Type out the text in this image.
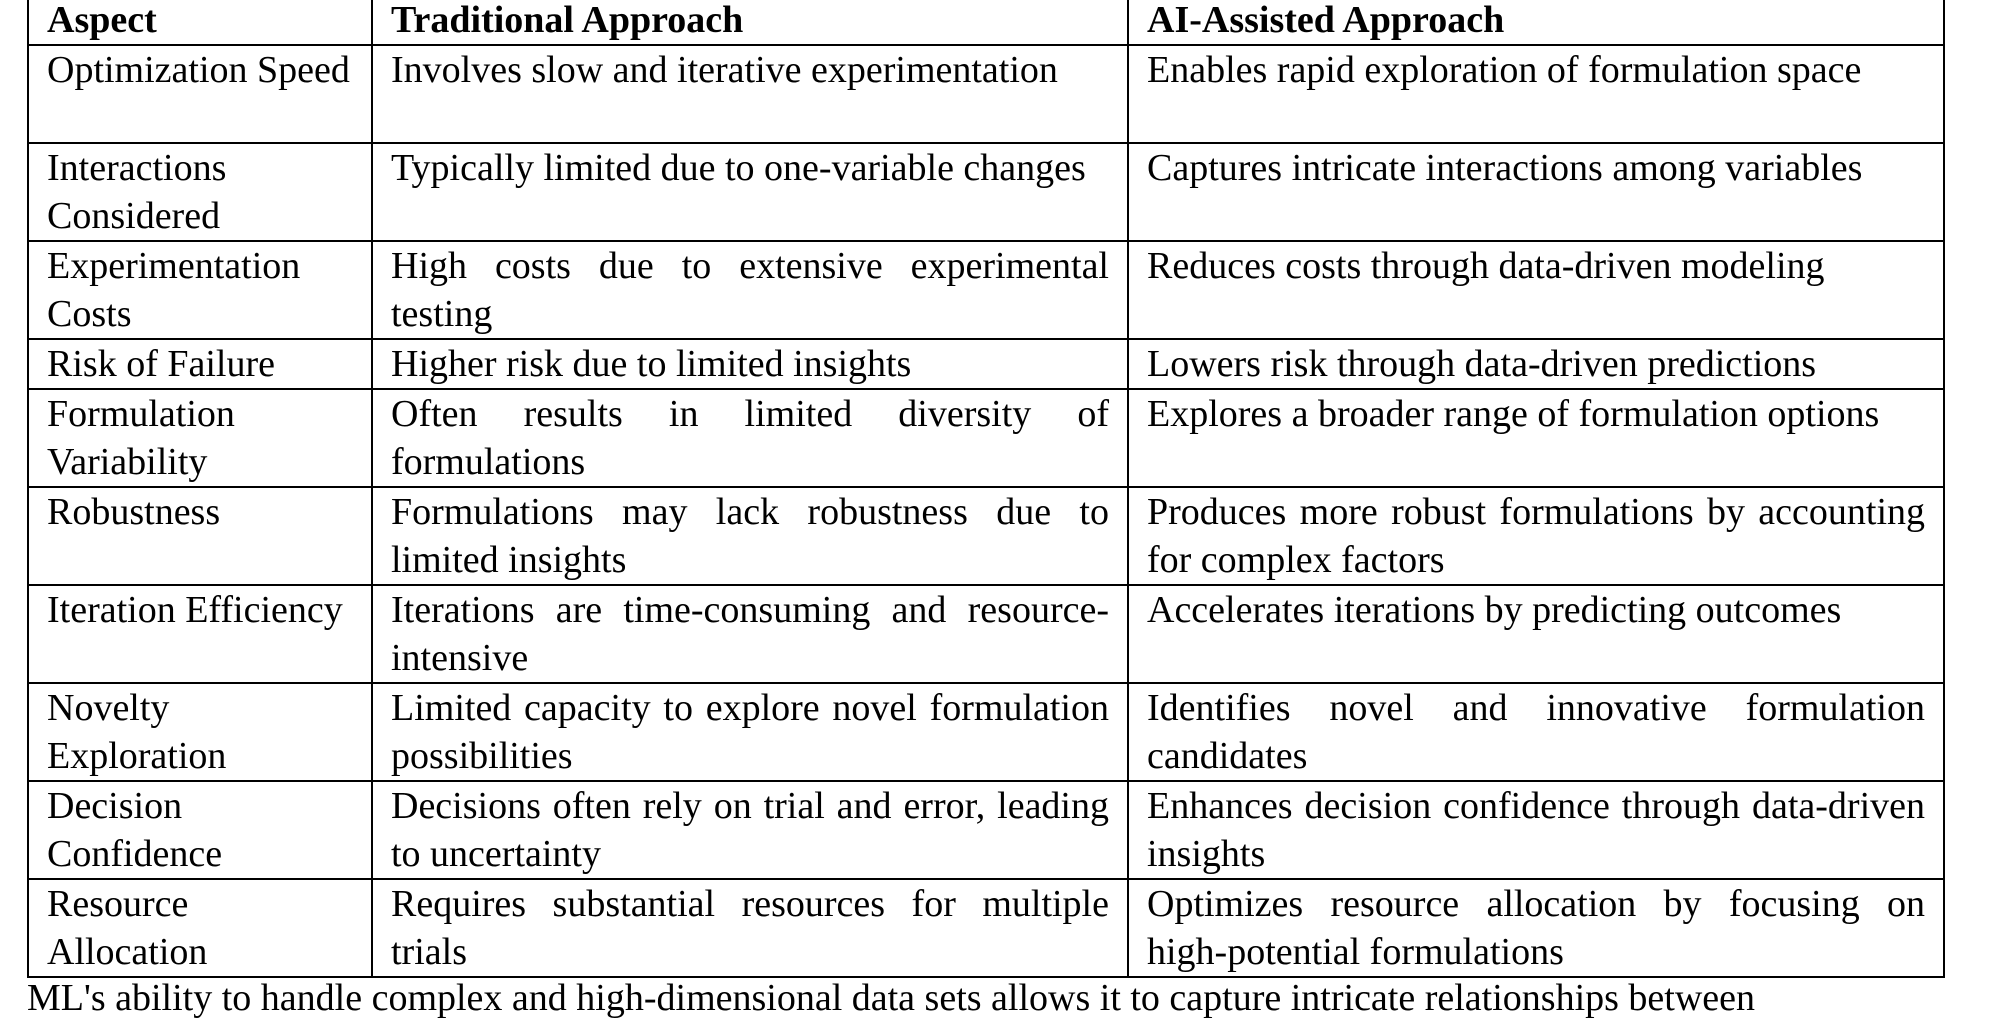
Aspect	Traditional Approach	AI-Assisted Approach
Optimization Speed	Involves slow and iterative experimentation	Enables rapid exploration of formulation space
Interactions Considered	Typically limited due to one-variable changes	Captures intricate interactions among variables
Experimentation Costs	High costs due to extensive experimental testing	Reduces costs through data-driven modeling
Risk of Failure	Higher risk due to limited insights	Lowers risk through data-driven predictions
Formulation Variability	Often results in limited diversity of formulations	Explores a broader range of formulation options
Robustness	Formulations may lack robustness due to limited insights	Produces more robust formulations by accounting for complex factors
Iteration Efficiency	Iterations are time-consuming and resource-intensive	Accelerates iterations by predicting outcomes
Novelty Exploration	Limited capacity to explore novel formulation possibilities	Identifies novel and innovative formulation candidates
Decision Confidence	Decisions often rely on trial and error, leading to uncertainty	Enhances decision confidence through data-driven insights
Resource Allocation	Requires substantial resources for multiple trials	Optimizes resource allocation by focusing on high-potential formulations
ML's ability to handle complex and high-dimensional data sets allows it to capture intricate relationships between
